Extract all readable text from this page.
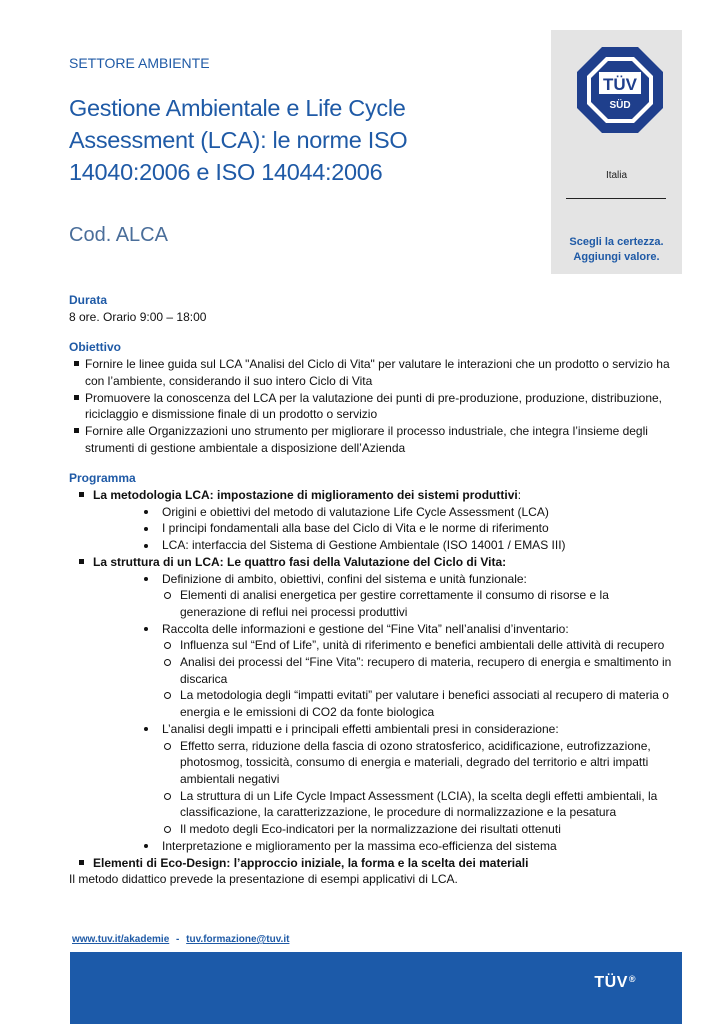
SETTORE AMBIENTE
Gestione Ambientale e Life Cycle Assessment (LCA): le norme ISO 14040:2006 e ISO 14044:2006
Cod. ALCA
TÜV
SÜD
Italia
Scegli la certezza.
Aggiungi valore.
Durata
8 ore. Orario 9:00 – 18:00
Obiettivo
Fornire le linee guida sul LCA "Analisi del Ciclo di Vita" per valutare le interazioni che un prodotto o servizio ha con l’ambiente, considerando il suo intero Ciclo di Vita
Promuovere la conoscenza del LCA per la valutazione dei punti di pre-produzione, produzione, distribuzione, riciclaggio e dismissione finale di un prodotto o servizio
Fornire alle Organizzazioni uno strumento per migliorare il processo industriale, che integra l’insieme degli strumenti di gestione ambientale a disposizione dell’Azienda
Programma
La metodologia LCA: impostazione di miglioramento dei sistemi produttivi:
Origini e obiettivi del metodo di valutazione Life Cycle Assessment (LCA)
I principi fondamentali alla base del Ciclo di Vita e le norme di riferimento
LCA: interfaccia del Sistema di Gestione Ambientale (ISO 14001 / EMAS III)
La struttura di un LCA: Le quattro fasi della Valutazione del Ciclo di Vita:
Definizione di ambito, obiettivi, confini del sistema e unità funzionale:
Elementi di analisi energetica per gestire correttamente il consumo di risorse e la generazione di reflui nei processi produttivi
Raccolta delle informazioni e gestione del “Fine Vita” nell’analisi d’inventario:
Influenza sul “End of Life”, unità di riferimento e benefici ambientali delle attività di recupero
Analisi dei processi del “Fine Vita”: recupero di materia, recupero di energia e smaltimento in discarica
La metodologia degli “impatti evitati” per valutare i benefici associati al recupero di materia o energia e le emissioni di CO2 da fonte biologica
L’analisi degli impatti e i principali effetti ambientali presi in considerazione:
Effetto serra, riduzione della fascia di ozono stratosferico, acidificazione, eutrofizzazione, photosmog, tossicità, consumo di energia e materiali, degrado del territorio e altri impatti ambientali negativi
La struttura di un Life Cycle Impact Assessment (LCIA), la scelta degli effetti ambientali, la classificazione, la caratterizzazione, le procedure di normalizzazione e la pesatura
Il medoto degli Eco-indicatori per la normalizzazione dei risultati ottenuti
Interpretazione e miglioramento per la massima eco-efficienza del sistema
Elementi di Eco-Design: l’approccio iniziale, la forma e la scelta dei materiali
Il metodo didattico prevede la presentazione di esempi applicativi di LCA.
www.tuv.it/akademie - tuv.formazione@tuv.it
TÜV®
